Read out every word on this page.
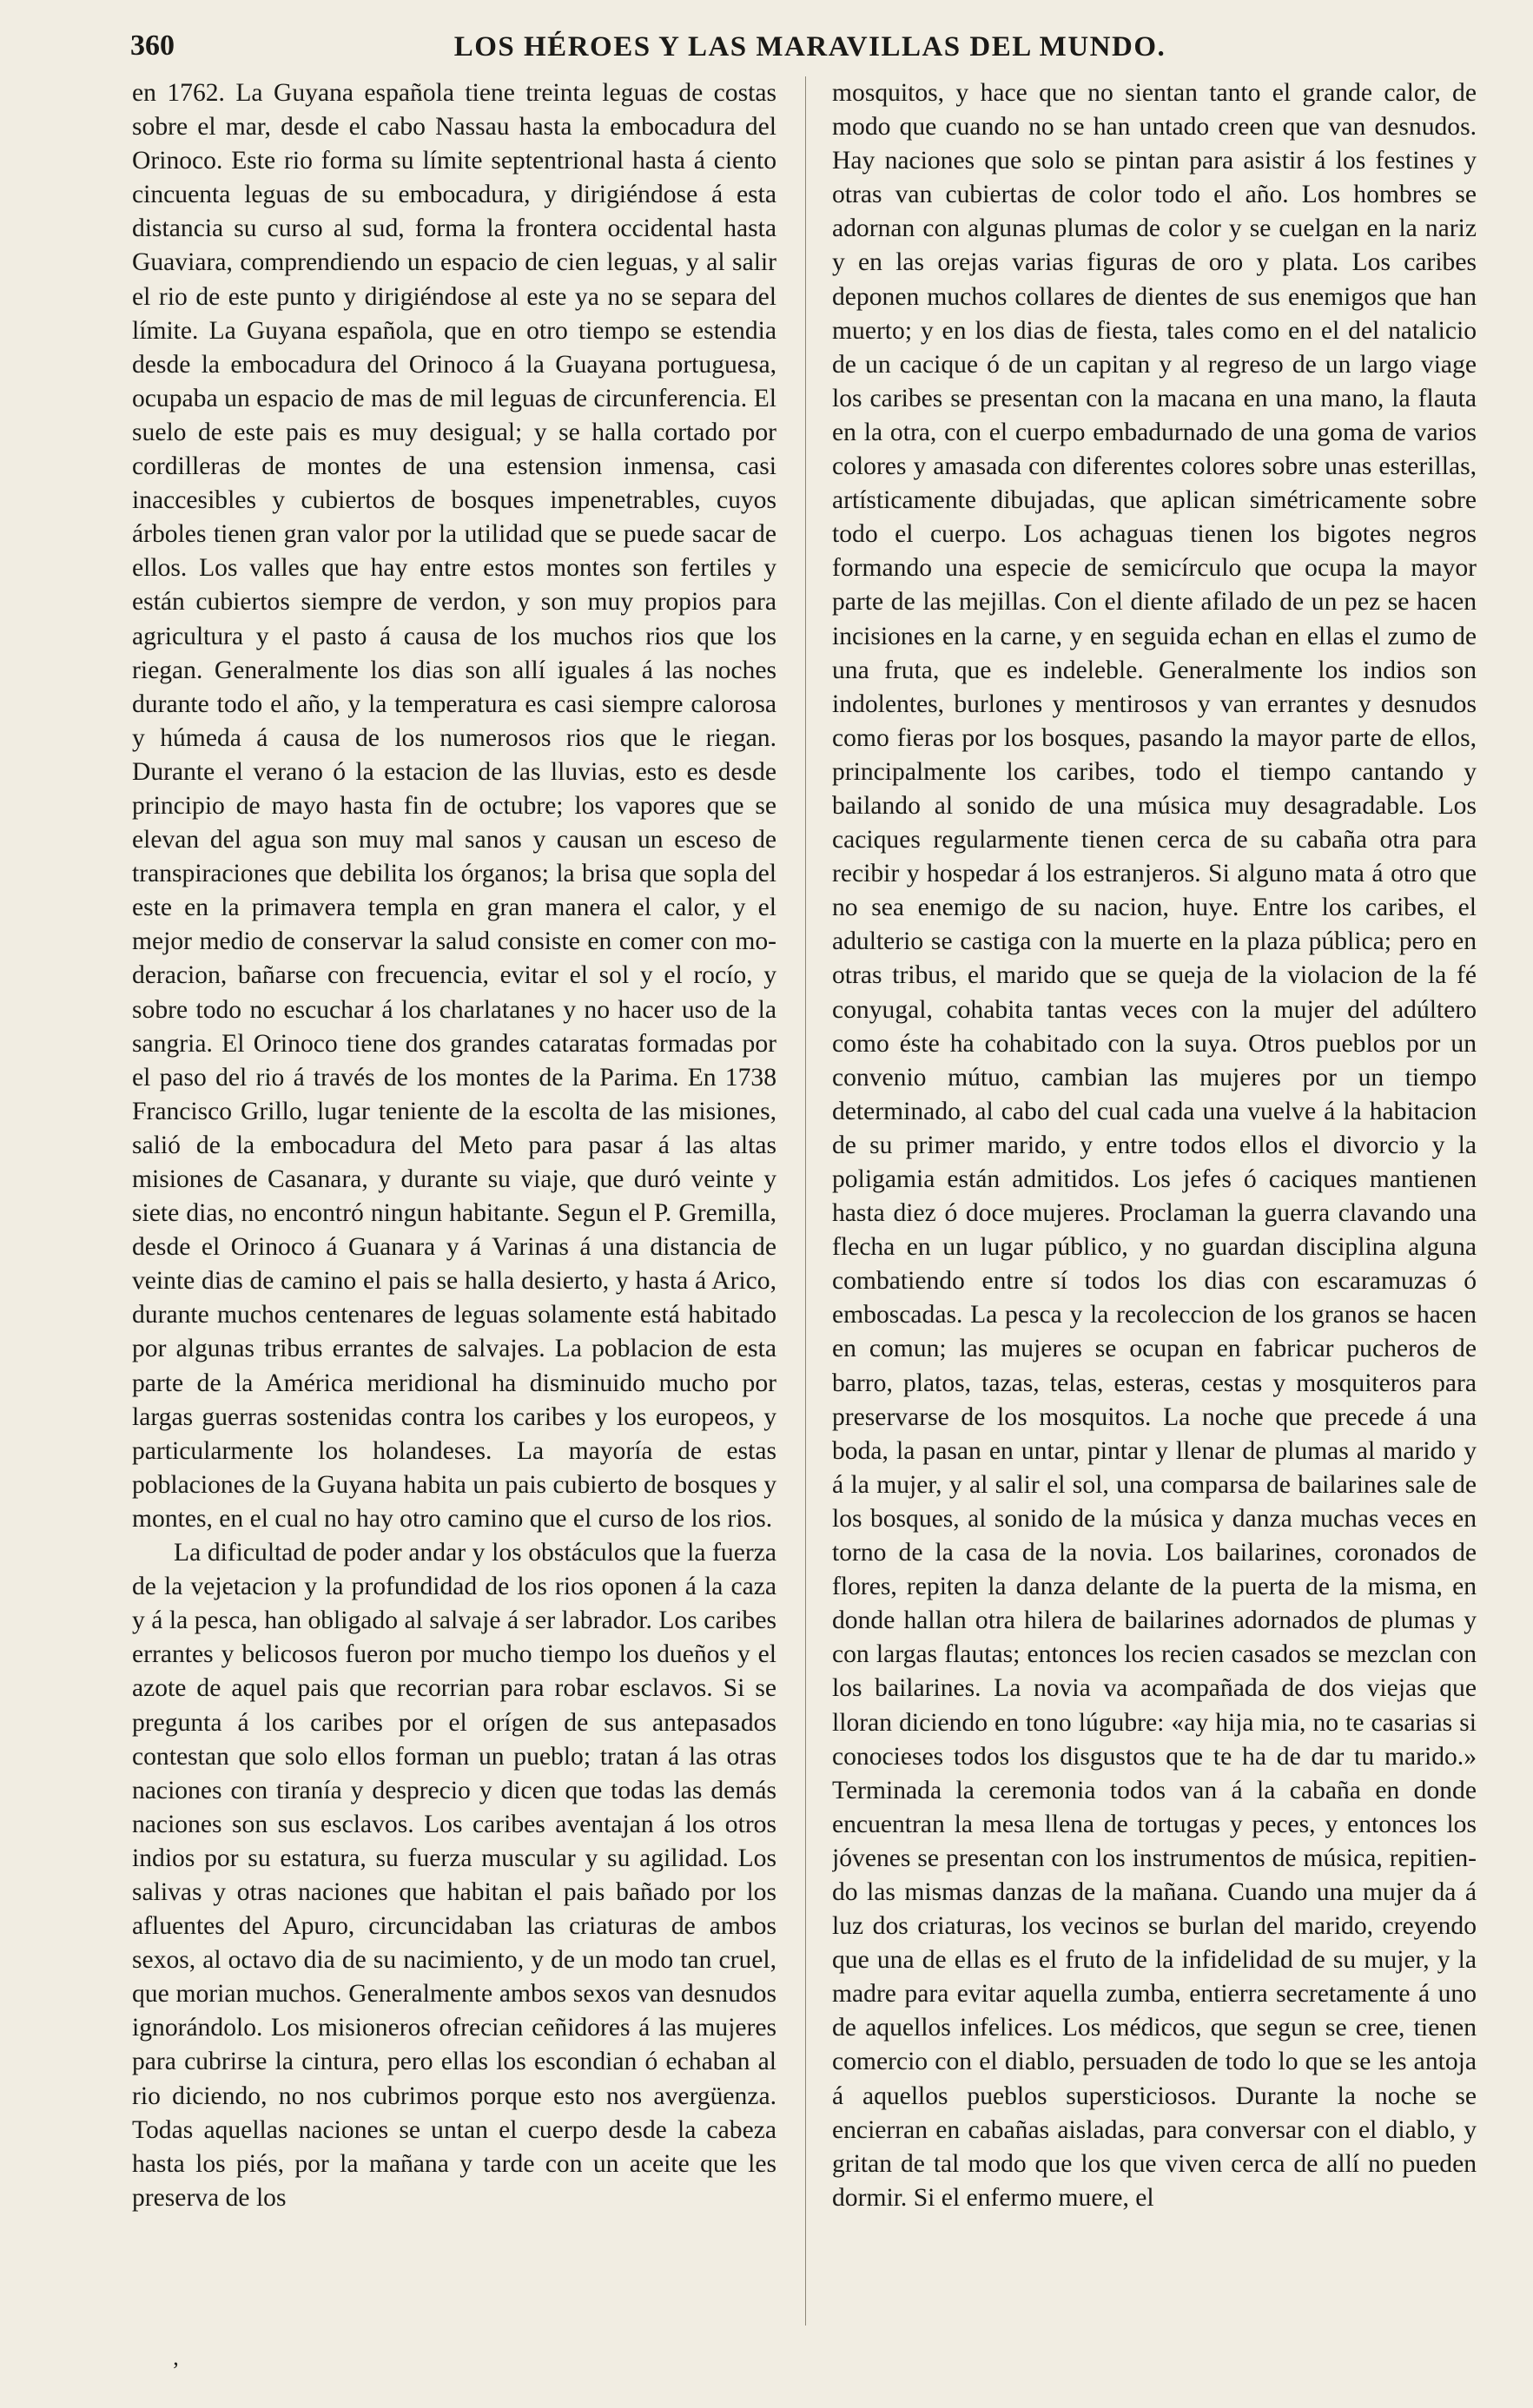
360	LOS HÉROES Y LAS MARAVILLAS DEL MUNDO.

en 1762. La Guyana española tiene treinta leguas de costas sobre el mar, desde el cabo Nassau hasta la embocadura del Orinoco. Este rio forma su límite septentrional hasta á ciento cincuenta leguas de su embocadura, y dirigiéndose á esta distancia su curso al sud, forma la frontera occidental hasta Guaviara, comprendiendo un espacio de cien leguas, y al salir el rio de este punto y dirigiéndose al este ya no se separa del límite. La Guyana española, que en otro tiempo se estendia desde la embocadura del Orinoco á la Guayana portuguesa, ocupaba un espacio de mas de mil leguas de circunferencia. El suelo de este pais es muy desigual; y se halla cortado por cordilleras de montes de una estension inmensa, casi inaccesibles y cubiertos de bosques impenetrables, cuyos árboles tienen gran valor por la utilidad que se puede sacar de ellos. Los valles que hay entre estos montes son fertiles y están cubiertos siempre de verdon, y son muy propios para agricultura y el pasto á causa de los muchos rios que los riegan. Generalmente los dias son allí iguales á las noches durante todo el año, y la temperatura es casi siempre calorosa y húmeda á causa de los numerosos rios que le riegan. Durante el verano ó la estacion de las lluvias, esto es desde principio de mayo hasta fin de octubre; los vapores que se elevan del agua son muy mal sanos y causan un esceso de transpiraciones que debilita los órganos; la brisa que sopla del este en la primavera templa en gran manera el calor, y el mejor medio de conservar la salud consiste en comer con moderacion, bañarse con frecuencia, evitar el sol y el rocío, y sobre todo no escuchar á los charlatanes y no hacer uso de la sangria. El Orinoco tiene dos grandes cataratas formadas por el paso del rio á través de los montes de la Parima. En 1738 Francisco Grillo, lugar teniente de la escolta de las misiones, salió de la embocadura del Meto para pasar á las altas misiones de Casanara, y durante su viaje, que duró veinte y siete dias, no encontró ningun habitante. Segun el P. Gremilla, desde el Orinoco á Guanara y á Varinas á una distancia de veinte dias de camino el pais se halla desierto, y hasta á Arico, durante muchos centenares de leguas solamente está habitado por algunas tribus errantes de salvajes. La poblacion de esta parte de la América meridional ha disminuido mucho por largas guerras sostenidas contra los caribes y los europeos, y particularmente los holandeses. La mayoría de estas poblaciones de la Guyana habita un pais cubierto de bosques y montes, en el cual no hay otro camino que el curso de los rios.

La dificultad de poder andar y los obstáculos que la fuerza de la vejetacion y la profundidad de los rios oponen á la caza y á la pesca, han obligado al salvaje á ser labrador. Los caribes errantes y belicosos fueron por mucho tiempo los dueños y el azote de aquel pais que recorrian para robar esclavos. Si se pregunta á los caribes por el orígen de sus antepasados contestan que solo ellos forman un pueblo; tratan á las otras naciones con tiranía y desprecio y dicen que todas las demás naciones son sus esclavos. Los caribes aventajan á los otros indios por su estatura, su fuerza muscular y su agilidad. Los salivas y otras naciones que habitan el pais bañado por los afluentes del Apuro, circuncidaban las criaturas de ambos sexos, al octavo dia de su nacimiento, y de un modo tan cruel, que morian muchos. Generalmente ambos sexos van desnudos ignorándolo. Los misioneros ofrecian ceñidores á las mujeres para cubrirse la cintura, pero ellas los escondian ó echaban al rio diciendo, no nos cubrimos porque esto nos avergüenza. Todas aquellas naciones se untan el cuerpo desde la cabeza hasta los piés, por la mañana y tarde con un aceite que les preserva de los

mosquitos, y hace que no sientan tanto el grande calor, de modo que cuando no se han untado creen que van desnudos. Hay naciones que solo se pintan para asistir á los festines y otras van cubiertas de color todo el año. Los hombres se adornan con algunas plumas de color y se cuelgan en la nariz y en las orejas varias figuras de oro y plata. Los caribes deponen muchos collares de dientes de sus enemigos que han muerto; y en los dias de fiesta, tales como en el del natalicio de un cacique ó de un capitan y al regreso de un largo viage los caribes se presentan con la macana en una mano, la flauta en la otra, con el cuerpo embadurnado de una goma de varios colores y amasada con diferentes colores sobre unas esterillas, artísticamente dibujadas, que aplican simétricamente sobre todo el cuerpo. Los achaguas tienen los bigotes negros formando una especie de semicírculo que ocupa la mayor parte de las mejillas. Con el diente afilado de un pez se hacen incisiones en la carne, y en seguida echan en ellas el zumo de una fruta, que es indeleble. Generalmente los indios son indolentes, burlones y mentirosos y van errantes y desnudos como fieras por los bosques, pasando la mayor parte de ellos, principalmente los caribes, todo el tiempo cantando y bailando al sonido de una música muy desagradable. Los caciques regularmente tienen cerca de su cabaña otra para recibir y hospedar á los estranjeros. Si alguno mata á otro que no sea enemigo de su nacion, huye. Entre los caribes, el adulterio se castiga con la muerte en la plaza pública; pero en otras tribus, el marido que se queja de la violacion de la fé conyugal, cohabita tantas veces con la mujer del adúltero como éste ha cohabitado con la suya. Otros pueblos por un convenio mútuo, cambian las mujeres por un tiempo determinado, al cabo del cual cada una vuelve á la habitacion de su primer marido, y entre todos ellos el divorcio y la poligamia están admitidos. Los jefes ó caciques mantienen hasta diez ó doce mujeres. Proclaman la guerra clavando una flecha en un lugar público, y no guardan disciplina alguna combatiendo entre sí todos los dias con escaramuzas ó emboscadas. La pesca y la recoleccion de los granos se hacen en comun; las mujeres se ocupan en fabricar pucheros de barro, platos, tazas, telas, esteras, cestas y mosquiteros para preservarse de los mosquitos. La noche que precede á una boda, la pasan en untar, pintar y llenar de plumas al marido y á la mujer, y al salir el sol, una comparsa de bailarines sale de los bosques, al sonido de la música y danza muchas veces en torno de la casa de la novia. Los bailarines, coronados de flores, repiten la danza delante de la puerta de la misma, en donde hallan otra hilera de bailarines adornados de plumas y con largas flautas; entonces los recien casados se mezclan con los bailarines. La novia va acompañada de dos viejas que lloran diciendo en tono lúgubre: «ay hija mia, no te casarias si conocieses todos los disgustos que te ha de dar tu marido.» Terminada la ceremonia todos van á la cabaña en donde encuentran la mesa llena de tortugas y peces, y entonces los jóvenes se presentan con los instrumentos de música, repitiendo las mismas danzas de la mañana. Cuando una mujer da á luz dos criaturas, los vecinos se burlan del marido, creyendo que una de ellas es el fruto de la infidelidad de su mujer, y la madre para evitar aquella zumba, entierra secretamente á uno de aquellos infelices. Los médicos, que segun se cree, tienen comercio con el diablo, persuaden de todo lo que se les antoja á aquellos pueblos supersticiosos. Durante la noche se encierran en cabañas aisladas, para conversar con el diablo, y gritan de tal modo que los que viven cerca de allí no pueden dormir. Si el enfermo muere, el

‚
